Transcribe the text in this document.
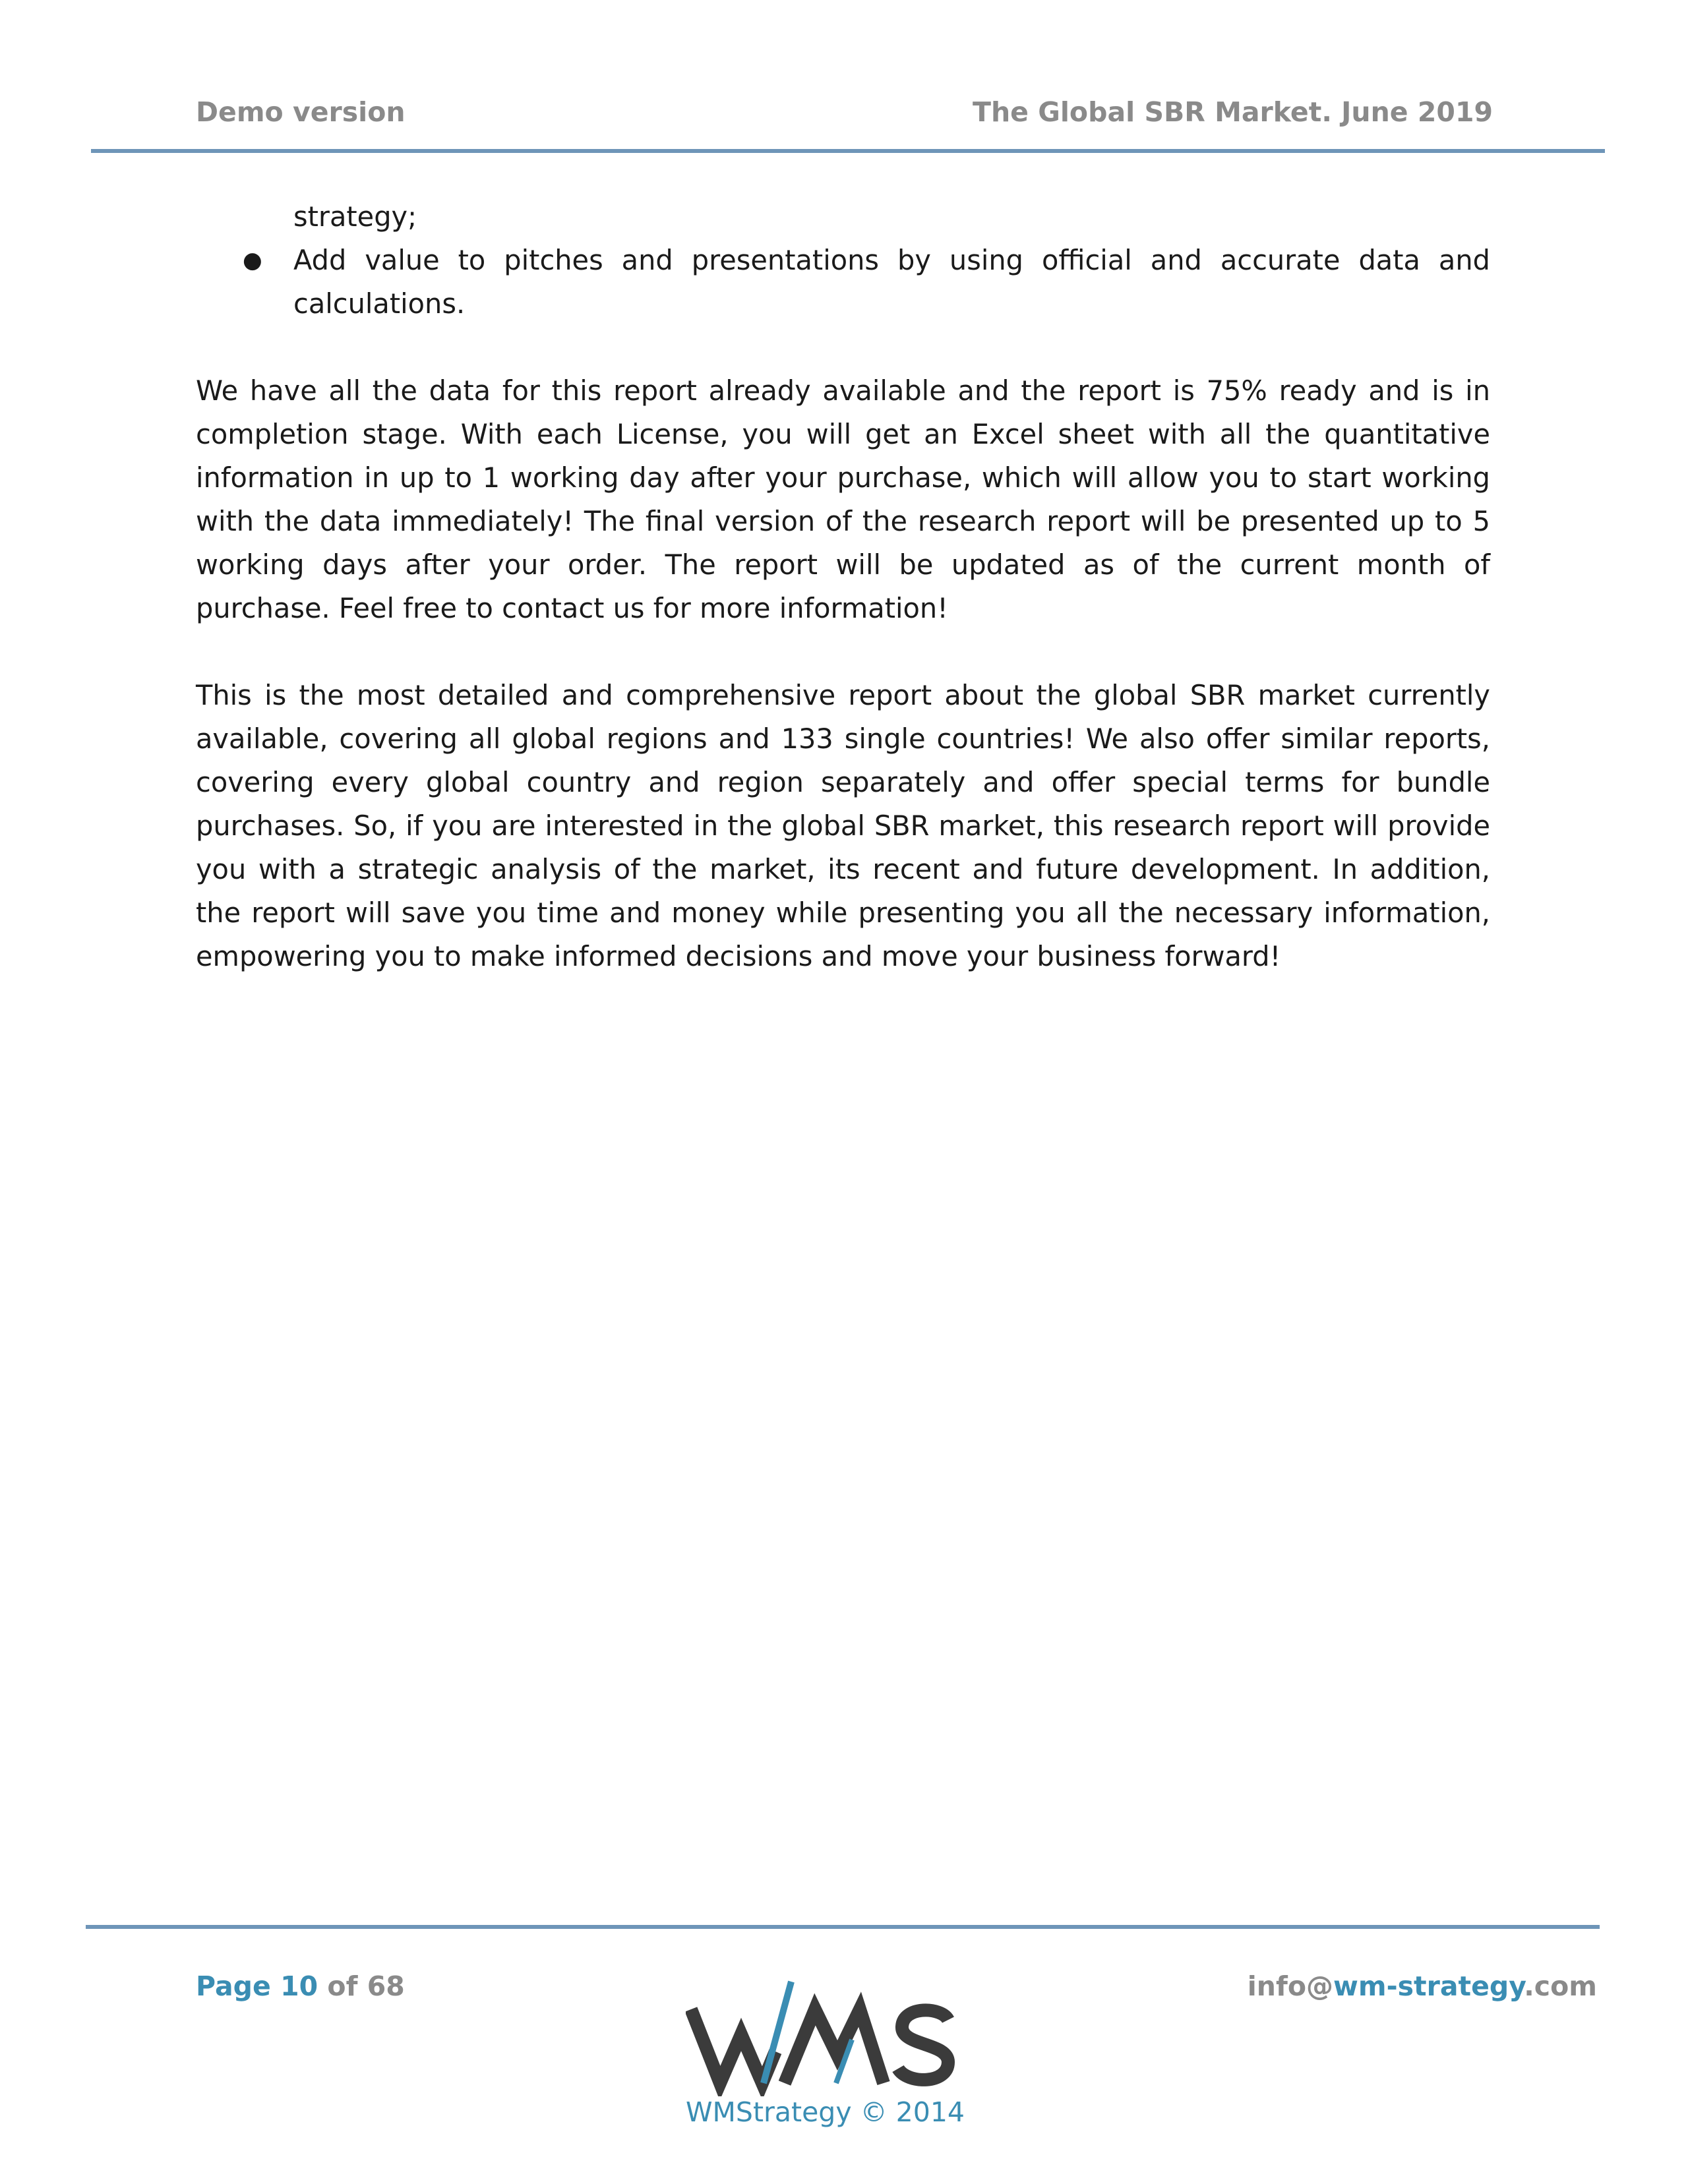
Demo version	The Global SBR Market. June 2019

strategy;

● Add value to pitches and presentations by using official and accurate data and calculations.

We have all the data for this report already available and the report is 75% ready and is in completion stage. With each License, you will get an Excel sheet with all the quantitative information in up to 1 working day after your purchase, which will allow you to start working with the data immediately! The final version of the research report will be presented up to 5 working days after your order. The report will be updated as of the current month of purchase. Feel free to contact us for more information!

This is the most detailed and comprehensive report about the global SBR market currently available, covering all global regions and 133 single countries! We also offer similar reports, covering every global country and region separately and offer special terms for bundle purchases. So, if you are interested in the global SBR market, this research report will provide you with a strategic analysis of the market, its recent and future development. In addition, the report will save you time and money while presenting you all the necessary information, empowering you to make informed decisions and move your business forward!

Page 10 of 68	info@wm-strategy.com
WMStrategy © 2014
